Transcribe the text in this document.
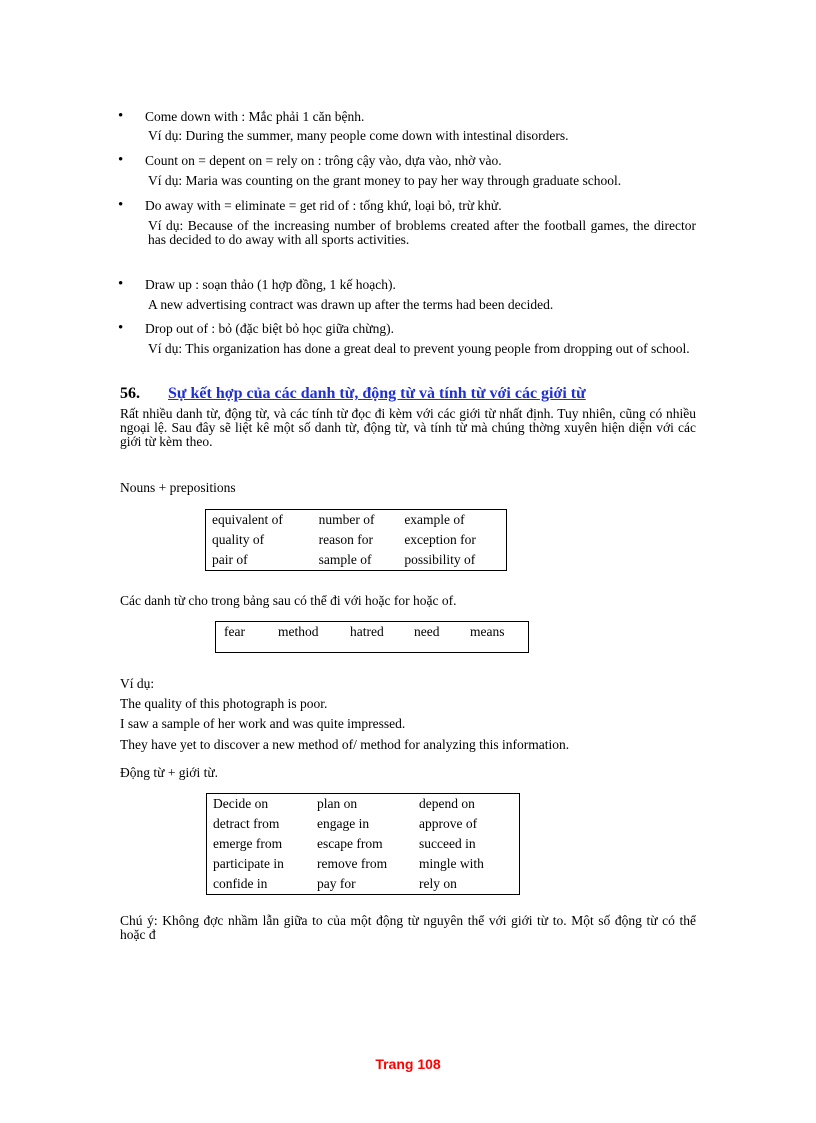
• Come down with : Mắc phải 1 căn bệnh.
Ví dụ: During the summer, many people come down with intestinal disorders.
• Count on = depent on = rely on : trông cậy vào, dựa vào, nhờ vào.
Ví dụ: Maria was counting on the grant money to pay her way through graduate school.
• Do away with = eliminate = get rid of : tống khứ, loại bỏ, trừ khử.
Ví dụ: Because of the increasing number of broblems created after the football games, the director has decided to do away with all sports activities.
• Draw up : soạn thảo (1 hợp đồng, 1 kế hoạch).
A new advertising contract was drawn up after the terms had been decided.
• Drop out of : bỏ (đặc biệt bỏ học giữa chừng).
Ví dụ: This organization has done a great deal to prevent young people from dropping out of school.
56. Sự kết hợp của các danh từ, động từ và tính từ với các giới từ
Rất nhiều danh từ, động từ, và các tính từ đọc đi kèm với các giới từ nhất định. Tuy nhiên, cũng có nhiều ngoại lệ. Sau đây sẽ liệt kê một số danh từ, động từ, và tính từ mà chúng thờng xuyên hiện diện với các giới từ kèm theo.
Nouns + prepositions
equivalent of	number of	example of
quality of	reason for	exception for
pair of	sample of	possibility of
Các danh từ cho trong bảng sau có thể đi với hoặc for hoặc of.
fear	method	hatred	need	means
Ví dụ:
The quality of this photograph is poor.
I saw a sample of her work and was quite impressed.
They have yet to discover a new method of/ method for analyzing this information.
Động từ + giới từ.
Decide on	plan on	depend on
detract from	engage in	approve of
emerge from	escape from	succeed in
participate in	remove from	mingle with
confide in	pay for	rely on
Chú ý: Không đợc nhầm lẫn giữa to của một động từ nguyên thể với giới từ to. Một số động từ có thể hoặc đ
Trang 108
